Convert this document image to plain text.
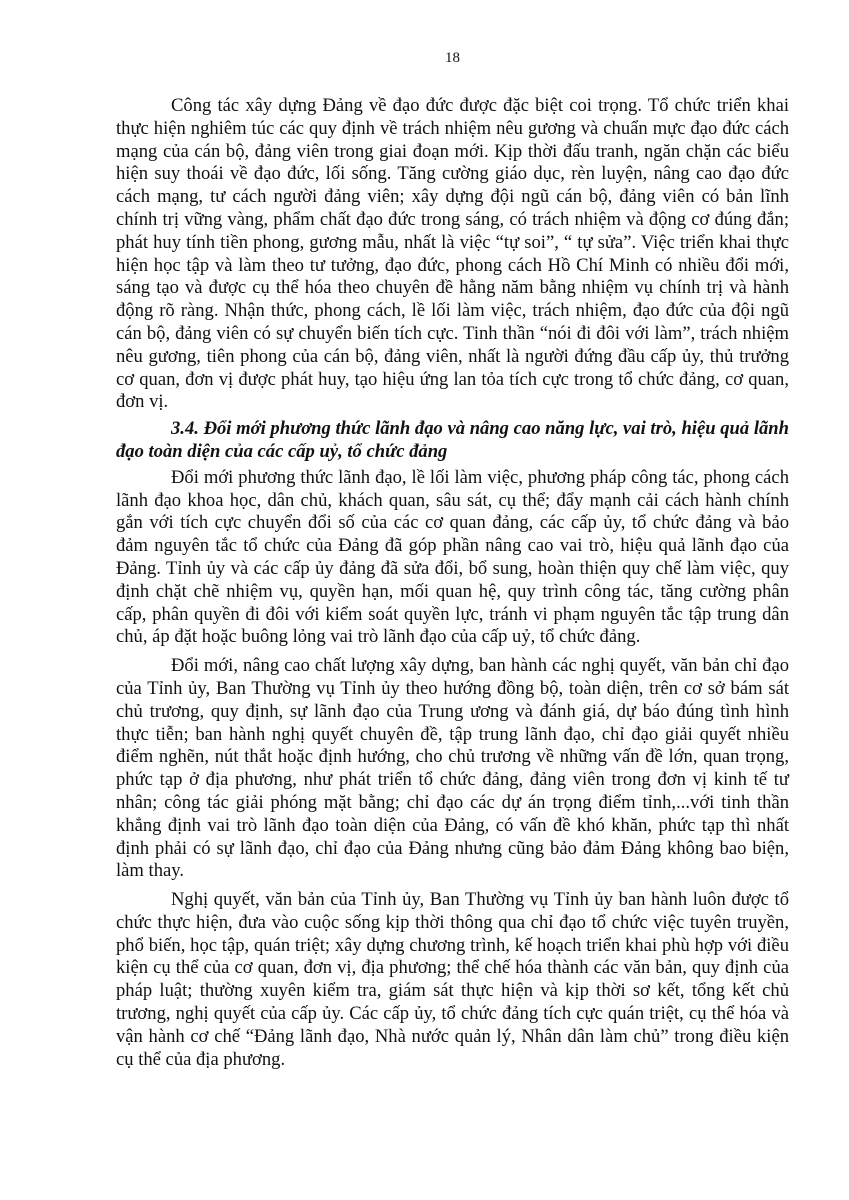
18

Công tác xây dựng Đảng về đạo đức được đặc biệt coi trọng. Tổ chức triển khai thực hiện nghiêm túc các quy định về trách nhiệm nêu gương và chuẩn mực đạo đức cách mạng của cán bộ, đảng viên trong giai đoạn mới. Kịp thời đấu tranh, ngăn chặn các biểu hiện suy thoái về đạo đức, lối sống. Tăng cường giáo dục, rèn luyện, nâng cao đạo đức cách mạng, tư cách người đảng viên; xây dựng đội ngũ cán bộ, đảng viên có bản lĩnh chính trị vững vàng, phẩm chất đạo đức trong sáng, có trách nhiệm và động cơ đúng đắn; phát huy tính tiền phong, gương mẫu, nhất là việc “tự soi”, “ tự sửa”. Việc triển khai thực hiện học tập và làm theo tư tưởng, đạo đức, phong cách Hồ Chí Minh có nhiều đổi mới, sáng tạo và được cụ thể hóa theo chuyên đề hằng năm bằng nhiệm vụ chính trị và hành động rõ ràng. Nhận thức, phong cách, lề lối làm việc, trách nhiệm, đạo đức của đội ngũ cán bộ, đảng viên có sự chuyển biến tích cực. Tinh thần “nói đi đôi với làm”, trách nhiệm nêu gương, tiên phong của cán bộ, đảng viên, nhất là người đứng đầu cấp ủy, thủ trưởng cơ quan, đơn vị được phát huy, tạo hiệu ứng lan tỏa tích cực trong tổ chức đảng, cơ quan, đơn vị.

3.4. Đổi mới phương thức lãnh đạo và nâng cao năng lực, vai trò, hiệu quả lãnh đạo toàn diện của các cấp uỷ, tổ chức đảng

Đổi mới phương thức lãnh đạo, lề lối làm việc, phương pháp công tác, phong cách lãnh đạo khoa học, dân chủ, khách quan, sâu sát, cụ thể; đẩy mạnh cải cách hành chính gắn với tích cực chuyển đổi số của các cơ quan đảng, các cấp ủy, tổ chức đảng và bảo đảm nguyên tắc tổ chức của Đảng đã góp phần nâng cao vai trò, hiệu quả lãnh đạo của Đảng. Tỉnh ủy và các cấp ủy đảng đã sửa đổi, bổ sung, hoàn thiện quy chế làm việc, quy định chặt chẽ nhiệm vụ, quyền hạn, mối quan hệ, quy trình công tác, tăng cường phân cấp, phân quyền đi đôi với kiểm soát quyền lực, tránh vi phạm nguyên tắc tập trung dân chủ, áp đặt hoặc buông lỏng vai trò lãnh đạo của cấp uỷ, tổ chức đảng.

Đổi mới, nâng cao chất lượng xây dựng, ban hành các nghị quyết, văn bản chỉ đạo của Tỉnh ủy, Ban Thường vụ Tỉnh ủy theo hướng đồng bộ, toàn diện, trên cơ sở bám sát chủ trương, quy định, sự lãnh đạo của Trung ương và đánh giá, dự báo đúng tình hình thực tiễn; ban hành nghị quyết chuyên đề, tập trung lãnh đạo, chỉ đạo giải quyết nhiều điểm nghẽn, nút thắt hoặc định hướng, cho chủ trương về những vấn đề lớn, quan trọng, phức tạp ở địa phương, như phát triển tổ chức đảng, đảng viên trong đơn vị kinh tế tư nhân; công tác giải phóng mặt bằng; chỉ đạo các dự án trọng điểm tỉnh,...với tinh thần khẳng định vai trò lãnh đạo toàn diện của Đảng, có vấn đề khó khăn, phức tạp thì nhất định phải có sự lãnh đạo, chỉ đạo của Đảng nhưng cũng bảo đảm Đảng không bao biện, làm thay.

Nghị quyết, văn bản của Tỉnh ủy, Ban Thường vụ Tỉnh ủy ban hành luôn được tổ chức thực hiện, đưa vào cuộc sống kịp thời thông qua chỉ đạo tổ chức việc tuyên truyền, phổ biến, học tập, quán triệt; xây dựng chương trình, kế hoạch triển khai phù hợp với điều kiện cụ thể của cơ quan, đơn vị, địa phương; thể chế hóa thành các văn bản, quy định của pháp luật; thường xuyên kiểm tra, giám sát thực hiện và kịp thời sơ kết, tổng kết chủ trương, nghị quyết của cấp ủy. Các cấp ủy, tổ chức đảng tích cực quán triệt, cụ thể hóa và vận hành cơ chế “Đảng lãnh đạo, Nhà nước quản lý, Nhân dân làm chủ” trong điều kiện cụ thể của địa phương.
